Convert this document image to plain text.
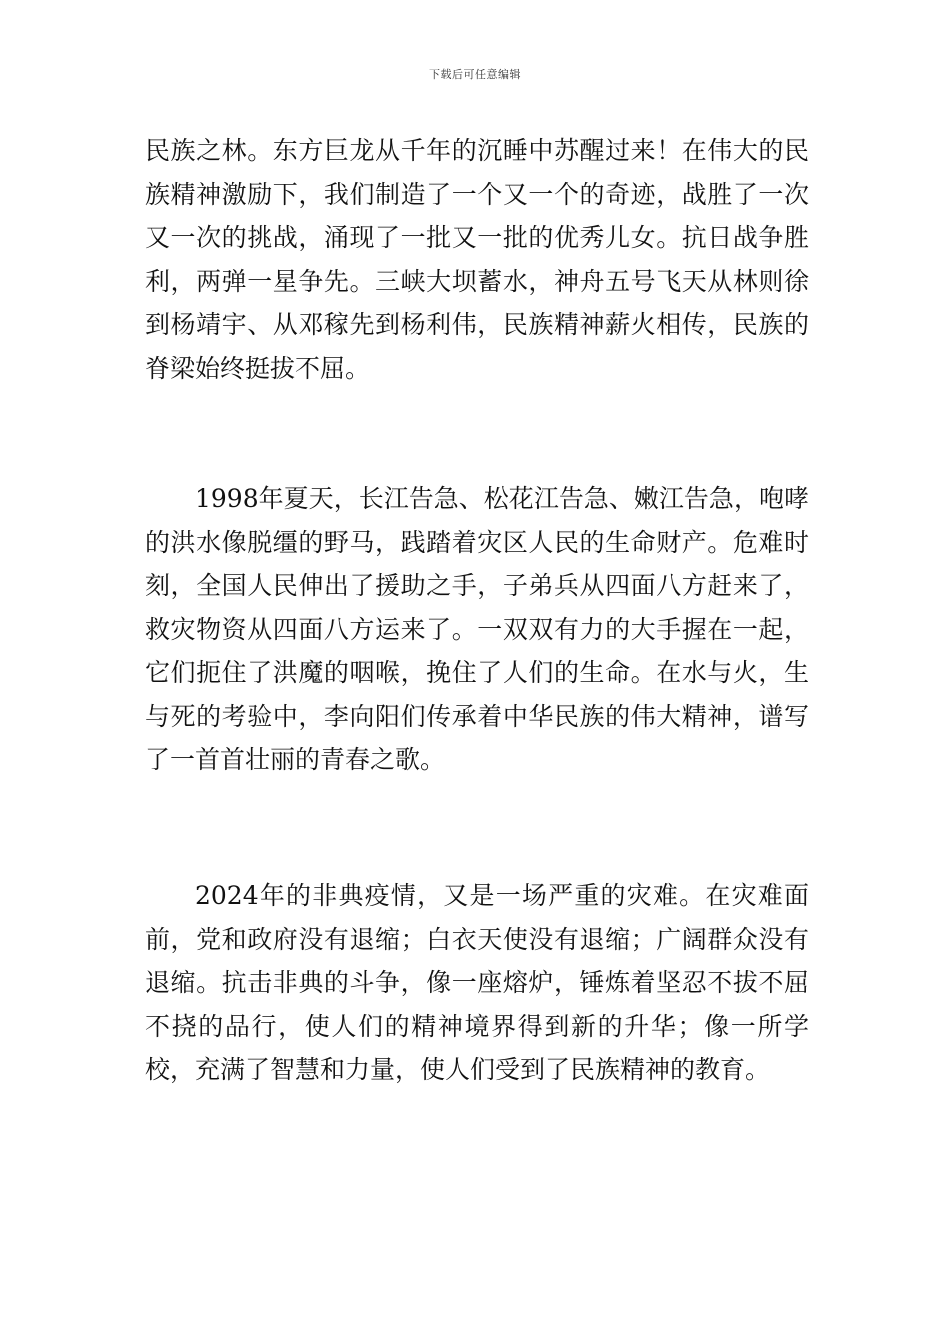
下载后可任意编辑

民族之林。东方巨龙从千年的沉睡中苏醒过来！在伟大的民族精神激励下，我们制造了一个又一个的奇迹，战胜了一次又一次的挑战，涌现了一批又一批的优秀儿女。抗日战争胜利，两弹一星争先。三峡大坝蓄水，神舟五号飞天从林则徐到杨靖宇、从邓稼先到杨利伟，民族精神薪火相传，民族的脊梁始终挺拔不屈。

1998年夏天，长江告急、松花江告急、嫩江告急，咆哮的洪水像脱缰的野马，践踏着灾区人民的生命财产。危难时刻，全国人民伸出了援助之手，子弟兵从四面八方赶来了，救灾物资从四面八方运来了。一双双有力的大手握在一起，它们扼住了洪魔的咽喉，挽住了人们的生命。在水与火，生与死的考验中，李向阳们传承着中华民族的伟大精神，谱写了一首首壮丽的青春之歌。

2024年的非典疫情，又是一场严重的灾难。在灾难面前，党和政府没有退缩；白衣天使没有退缩；广阔群众没有退缩。抗击非典的斗争，像一座熔炉，锤炼着坚忍不拔不屈不挠的品行，使人们的精神境界得到新的升华；像一所学校，充满了智慧和力量，使人们受到了民族精神的教育。
